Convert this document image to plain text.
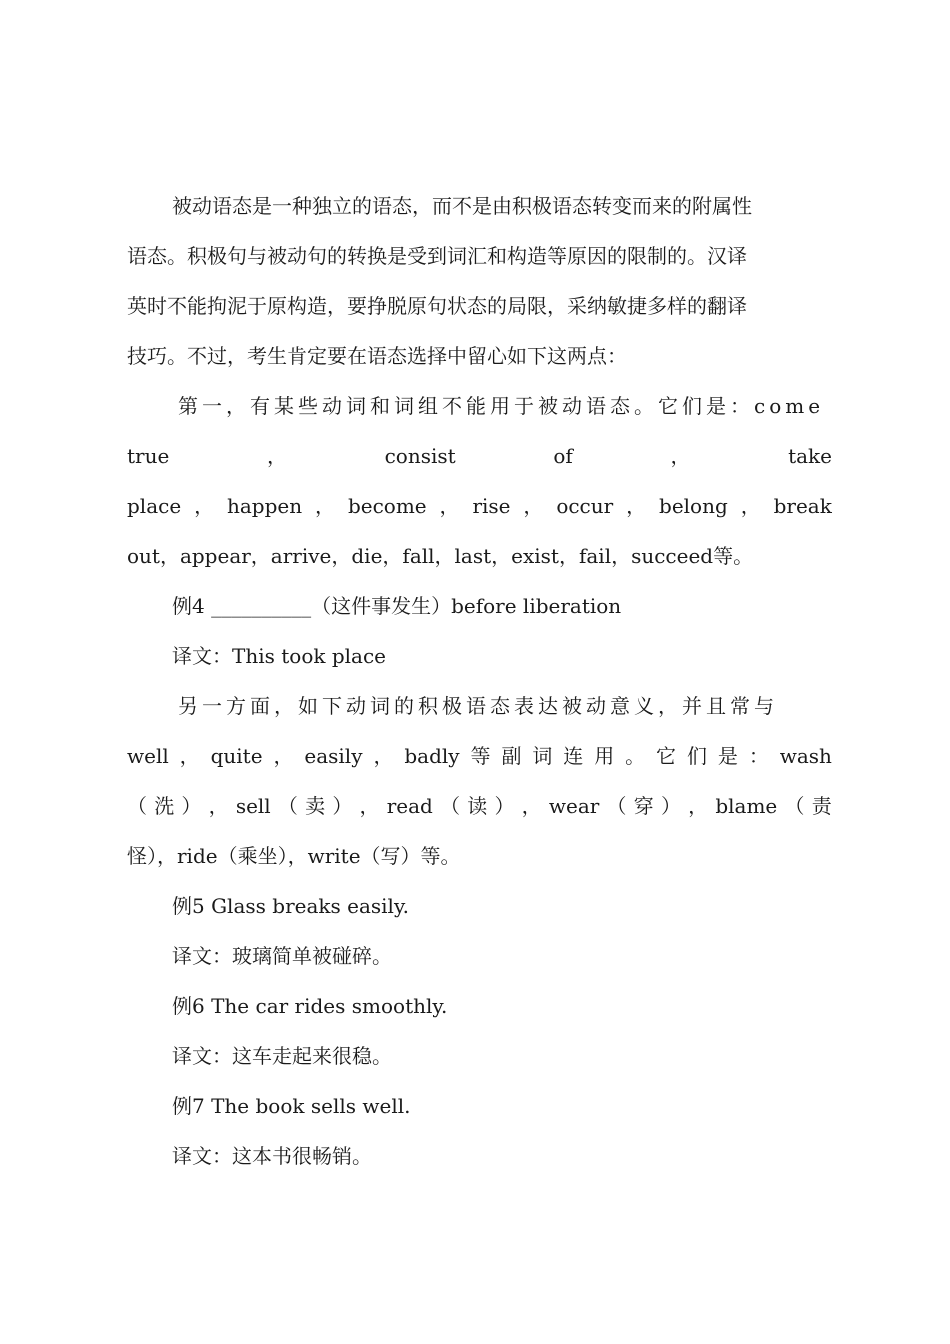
被动语态是一种独立的语态，而不是由积极语态转变而来的附属性
语态。积极句与被动句的转换是受到词汇和构造等原因的限制的。汉译
英时不能拘泥于原构造，要挣脱原句状态的局限，采纳敏捷多样的翻译
技巧。不过，考生肯定要在语态选择中留心如下这两点：
第一，有某些动词和词组不能用于被动语态。它们是：come
true	，	consist	of	，	take
place ， happen ， become ， rise ， occur ， belong ， break
out，appear，arrive，die，fall，last，exist，fail，succeed等。
例4 __________（这件事发生）before liberation
译文：This took place
另一方面，如下动词的积极语态表达被动意义，并且常与
well ， quite ， easily ， badly 等 副 词 连 用 。 它 们 是 ： wash
（ 洗 ） ， sell （ 卖 ） ， read （ 读 ） ， wear （ 穿 ） ， blame （ 责
怪），ride（乘坐），write（写）等。
例5 Glass breaks easily.
译文：玻璃简单被碰碎。
例6 The car rides smoothly.
译文：这车走起来很稳。
例7 The book sells well.
译文：这本书很畅销。
